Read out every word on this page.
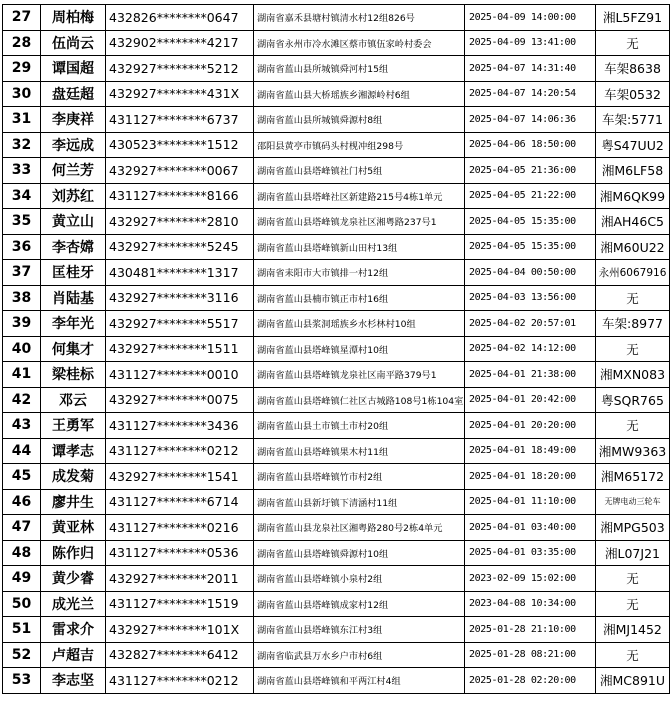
27	周柏梅	432826********0647	湖南省嘉禾县塘村镇清水村12组826号	2025-04-09 14:00:00	湘L5FZ91
28	伍尚云	432902********4217	湖南省永州市冷水滩区蔡市镇伍家岭村委会	2025-04-09 13:41:00	无
29	谭国超	432927********5212	湖南省蓝山县所城镇舜河村15组	2025-04-07 14:31:40	车架8638
30	盘廷超	432927********431X	湖南省蓝山县大桥瑶族乡湘源岭村6组	2025-04-07 14:20:54	车架0532
31	李庚祥	431127********6737	湖南省蓝山县所城镇舜源村8组	2025-04-07 14:06:36	车架:5771
32	李远成	430523********1512	邵阳县黄亭市镇码头村枧冲组298号	2025-04-06 18:50:00	粤S47UU2
33	何兰芳	432927********0067	湖南省蓝山县塔峰镇社门村5组	2025-04-05 21:36:00	湘M6LF58
34	刘苏红	431127********8166	湖南省蓝山县塔峰社区新建路215号4栋1单元	2025-04-05 21:22:00	湘M6QK99
35	黄立山	432927********2810	湖南省蓝山县塔峰镇龙泉社区湘粤路237号1	2025-04-05 15:35:00	湘AH46C5
36	李杏嫦	432927********5245	湖南省蓝山县塔峰镇新山田村13组	2025-04-05 15:35:00	湘M60U22
37	匡桂牙	430481********1317	湖南省耒阳市大市镇排一村12组	2025-04-04 00:50:00	永州6067916
38	肖陆基	432927********3116	湖南省蓝山县楠市镇正市村16组	2025-04-03 13:56:00	无
39	李年光	432927********5517	湖南省蓝山县浆洞瑶族乡水杉林村10组	2025-04-02 20:57:01	车架:8977
40	何集才	432927********1511	湖南省蓝山县塔峰镇星潭村10组	2025-04-02 14:12:00	无
41	梁桂标	431127********0010	湖南省蓝山县塔峰镇龙泉社区南平路379号1	2025-04-01 21:38:00	湘MXN083
42	邓云	432927********0075	湖南省蓝山县塔峰镇仁社区古城路108号1栋104室	2025-04-01 20:42:00	粤SQR765
43	王勇军	431127********3436	湖南省蓝山县土市镇土市村20组	2025-04-01 20:20:00	无
44	谭孝志	431127********0212	湖南省蓝山县塔峰镇果木村11组	2025-04-01 18:49:00	湘MW9363
45	成发菊	432927********1541	湖南省蓝山县塔峰镇竹市村2组	2025-04-01 18:20:00	湘M65172
46	廖井生	431127********6714	湖南省蓝山县新圩镇下清涵村11组	2025-04-01 11:10:00	无牌电动三轮车
47	黄亚林	431127********0216	湖南省蓝山县龙泉社区湘粤路280号2栋4单元	2025-04-01 03:40:00	湘MPG503
48	陈作归	431127********0536	湖南省蓝山县塔峰镇舜源村10组	2025-04-01 03:35:00	湘L07J21
49	黄少睿	432927********2011	湖南省蓝山县塔峰镇小泉村2组	2023-02-09 15:02:00	无
50	成光兰	431127********1519	湖南省蓝山县塔峰镇成家村12组	2023-04-08 10:34:00	无
51	雷求介	432927********101X	湖南省蓝山县塔峰镇东江村3组	2025-01-28 21:10:00	湘MJ1452
52	卢超吉	432827********6412	湖南省临武县万水乡户市村6组	2025-01-28 08:21:00	无
53	李志坚	431127********0212	湖南省蓝山县塔峰镇和平两江村4组	2025-01-28 02:20:00	湘MC891U
